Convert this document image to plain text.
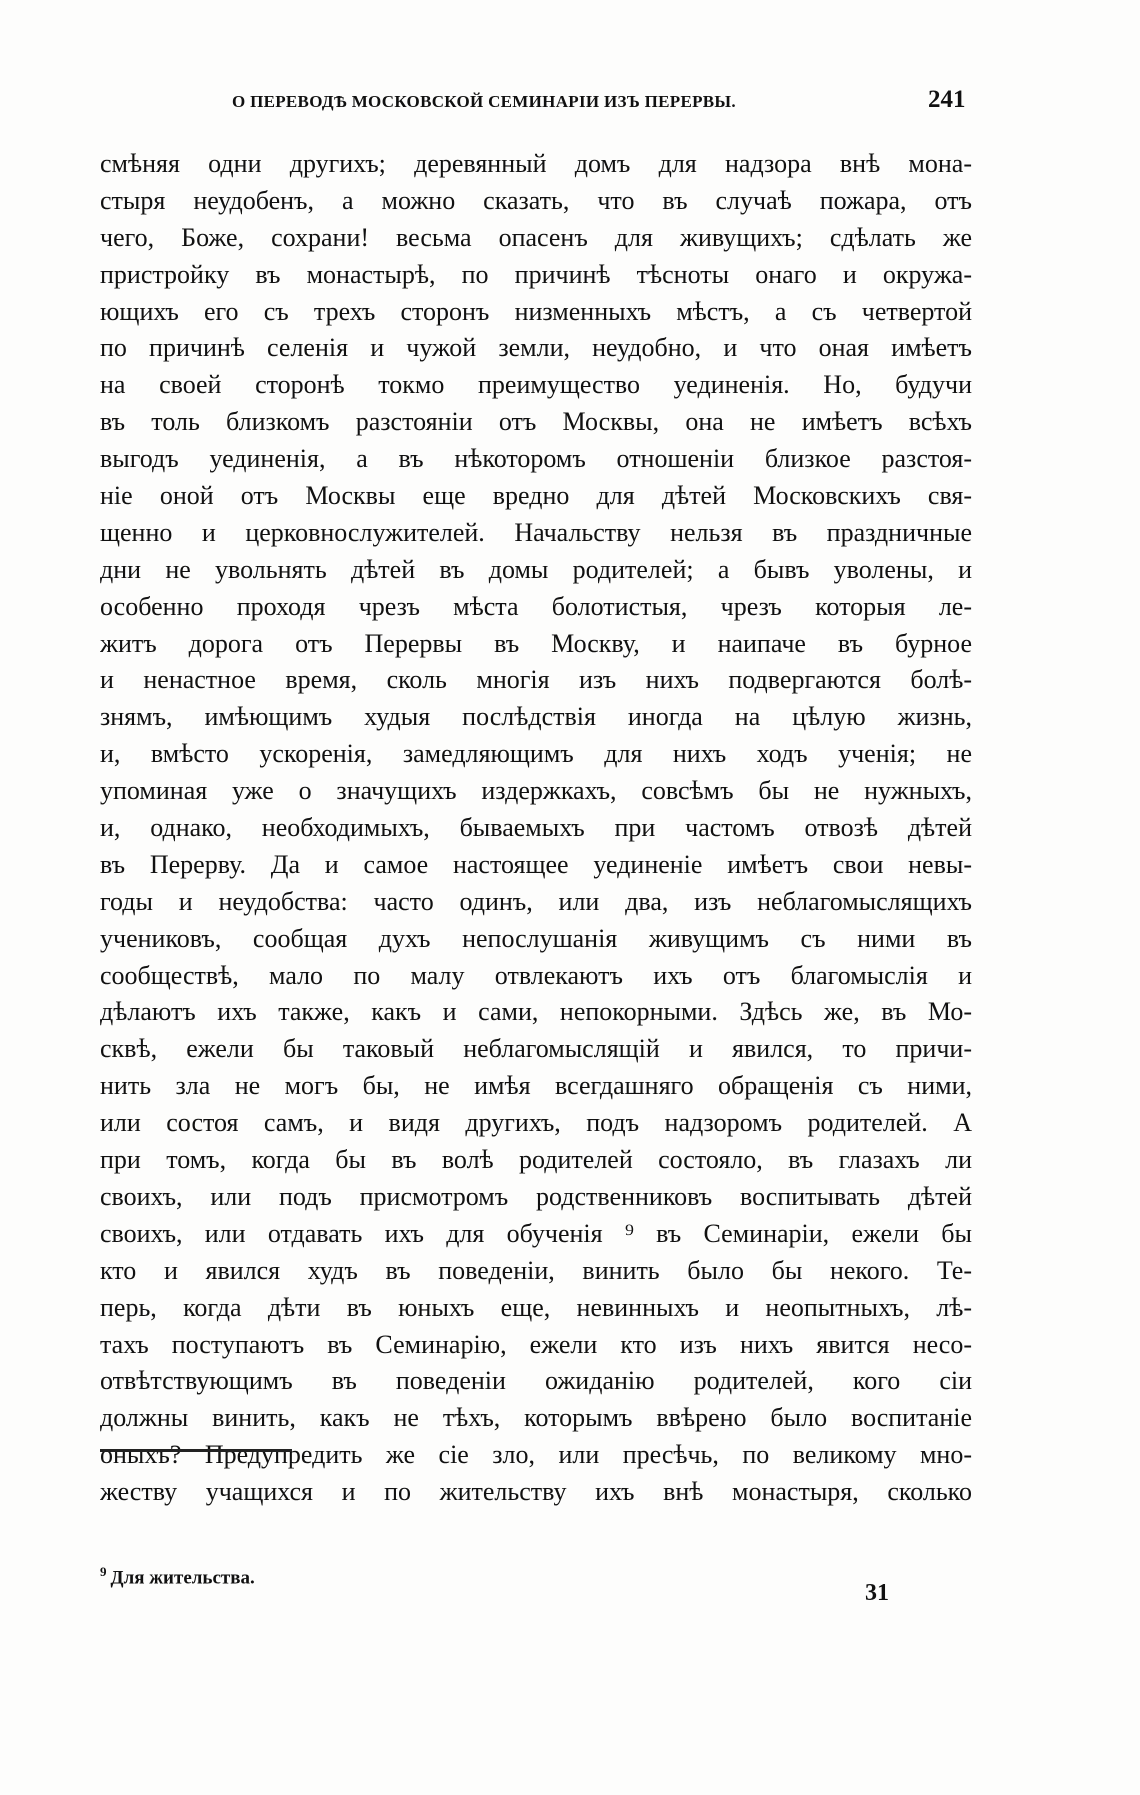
О ПЕРЕВОДѢ МОСКОВСКОЙ СЕМИНАРІИ ИЗЪ ПЕРЕРВЫ.	241
смѣняя одни другихъ; деревянный домъ для надзора внѣ мона-
стыря неудобенъ, а можно сказать, что въ случаѣ пожара, отъ
чего, Боже, сохрани! весьма опасенъ для живущихъ; сдѣлать же
пристройку въ монастырѣ, по причинѣ тѣсноты онаго и окружа-
ющихъ его съ трехъ сторонъ низменныхъ мѣстъ, а съ четвертой
по причинѣ селенія и чужой земли, неудобно, и что оная имѣетъ
на своей сторонѣ токмо преимущество уединенія. Но, будучи
въ толь близкомъ разстояніи отъ Москвы, она не имѣетъ всѣхъ
выгодъ уединенія, а въ нѣкоторомъ отношеніи близкое разстоя-
ніе оной отъ Москвы еще вредно для дѣтей Московскихъ свя-
щенно и церковнослужителей. Начальству нельзя въ праздничные
дни не увольнять дѣтей въ домы родителей; а бывъ уволены, и
особенно проходя чрезъ мѣста болотистыя, чрезъ которыя ле-
житъ дорога отъ Перервы въ Москву, и наипаче въ бурное
и ненастное время, сколь многія изъ нихъ подвергаются болѣ-
знямъ, имѣющимъ худыя послѣдствія иногда на цѣлую жизнь,
и, вмѣсто ускоренія, замедляющимъ для нихъ ходъ ученія; не
упоминая уже о значущихъ издержкахъ, совсѣмъ бы не нужныхъ,
и, однако, необходимыхъ, бываемыхъ при частомъ отвозѣ дѣтей
въ Перерву. Да и самое настоящее уединеніе имѣетъ свои невы-
годы и неудобства: часто одинъ, или два, изъ неблагомыслящихъ
учениковъ, сообщая духъ непослушанія живущимъ съ ними въ
сообществѣ, мало по малу отвлекаютъ ихъ отъ благомыслія и
дѣлаютъ ихъ также, какъ и сами, непокорными. Здѣсь же, въ Мо-
сквѣ, ежели бы таковый неблагомыслящій и явился, то причи-
нить зла не могъ бы, не имѣя всегдашняго обращенія съ ними,
или состоя самъ, и видя другихъ, подъ надзоромъ родителей. А
при томъ, когда бы въ волѣ родителей состояло, въ глазахъ ли
своихъ, или подъ присмотромъ родственниковъ воспитывать дѣтей
своихъ, или отдавать ихъ для обученія ⁹ въ Семинаріи, ежели бы
кто и явился худъ въ поведеніи, винить было бы некого. Те-
перь, когда дѣти въ юныхъ еще, невинныхъ и неопытныхъ, лѣ-
тахъ поступаютъ въ Семинарію, ежели кто изъ нихъ явится несо-
отвѣтствующимъ въ поведеніи ожиданію родителей, кого сіи
должны винить, какъ не тѣхъ, которымъ ввѣрено было воспитаніе
оныхъ? Предупредить же сіе зло, или пресѣчь, по великому мно-
жеству учащихся и по жительству ихъ внѣ монастыря, сколько
$^9$ Для жительства.
31
